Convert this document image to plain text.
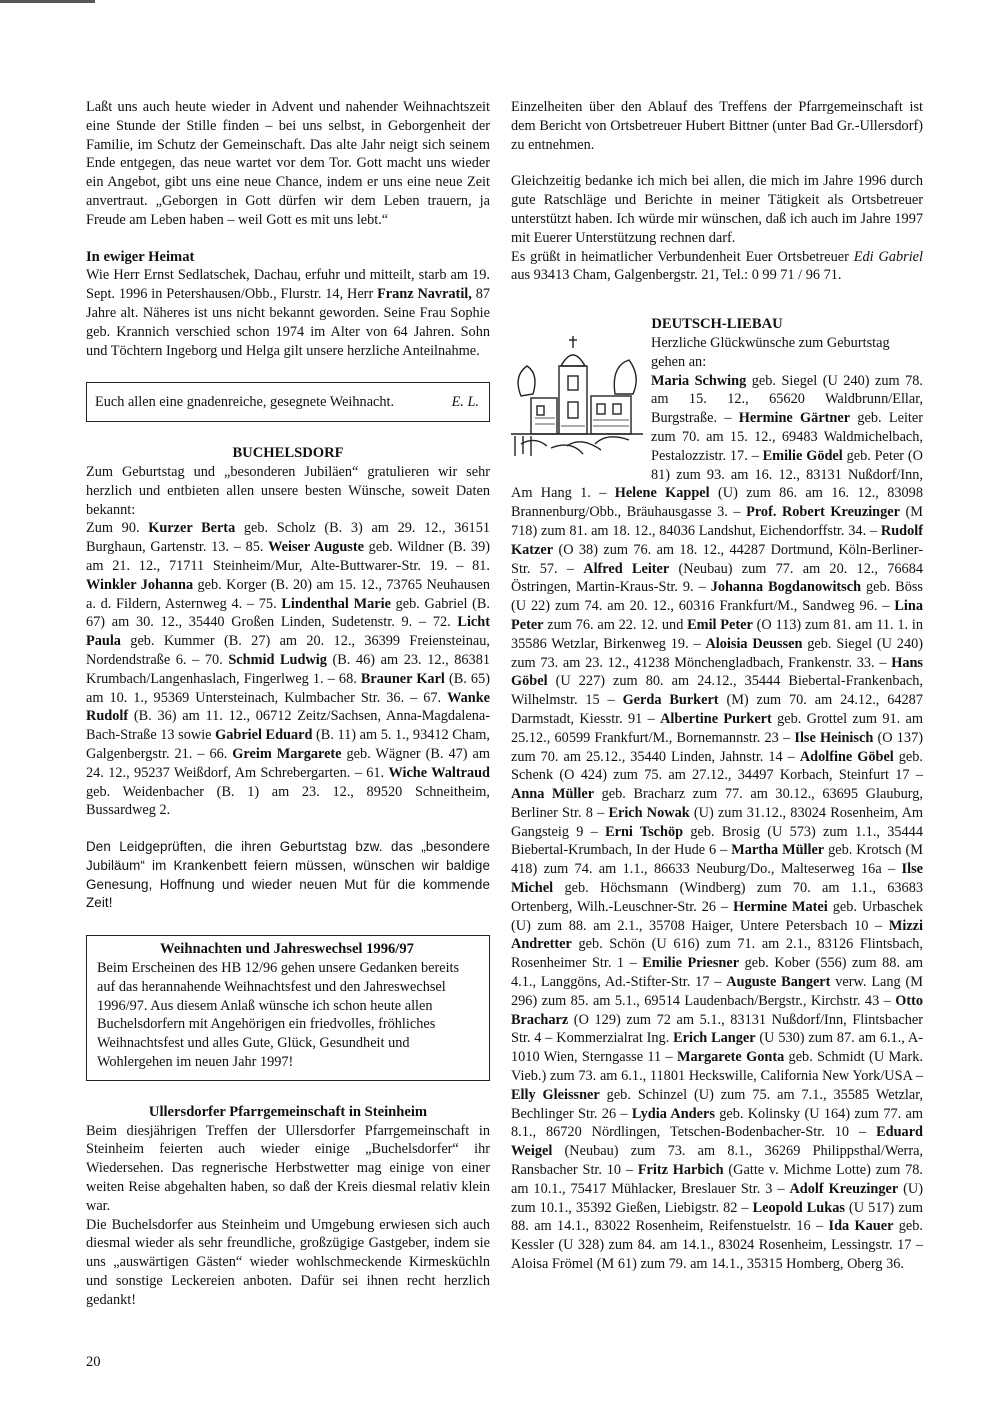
Laßt uns auch heute wieder in Advent und nahender Weihnachtszeit eine Stunde der Stille finden – bei uns selbst, in Geborgenheit der Familie, im Schutz der Gemeinschaft. Das alte Jahr neigt sich seinem Ende entgegen, das neue wartet vor dem Tor. Gott macht uns wieder ein Angebot, gibt uns eine neue Chance, indem er uns eine neue Zeit anvertraut. „Geborgen in Gott dürfen wir dem Leben trauern, ja Freude am Leben haben – weil Gott es mit uns lebt.“

In ewiger Heimat

Wie Herr Ernst Sedlatschek, Dachau, erfuhr und mitteilt, starb am 19. Sept. 1996 in Petershausen/Obb., Flurstr. 14, Herr Franz Navratil, 87 Jahre alt. Näheres ist uns nicht bekannt geworden. Seine Frau Sophie geb. Krannich verschied schon 1974 im Alter von 64 Jahren. Sohn und Töchtern Ingeborg und Helga gilt unsere herzliche Anteilnahme.

Euch allen eine gnadenreiche, gesegnete Weihnacht.	E. L.
BUCHELSDORF

Zum Geburtstag und „besonderen Jubiläen“ gratulieren wir sehr herzlich und entbieten allen unsere besten Wünsche, soweit Daten bekannt:

Zum 90. Kurzer Berta geb. Scholz (B. 3) am 29. 12., 36151 Burghaun, Gartenstr. 13. – 85. Weiser Auguste geb. Wildner (B. 39) am 21. 12., 71711 Steinheim/Mur, Alte-Buttwarer-Str. 19. – 81. Winkler Johanna geb. Korger (B. 20) am 15. 12., 73765 Neuhausen a. d. Fildern, Asternweg 4. – 75. Lindenthal Marie geb. Gabriel (B. 67) am 30. 12., 35440 Großen Linden, Sudetenstr. 9. – 72. Licht Paula geb. Kummer (B. 27) am 20. 12., 36399 Freiensteinau, Nordendstraße 6. – 70. Schmid Ludwig (B. 46) am 23. 12., 86381 Krumbach/Langenhaslach, Fingerlweg 1. – 68. Brauner Karl (B. 65) am 10. 1., 95369 Untersteinach, Kulmbacher Str. 36. – 67. Wanke Rudolf (B. 36) am 11. 12., 06712 Zeitz/Sachsen, Anna-Magdalena-Bach-Straße 13 sowie Gabriel Eduard (B. 11) am 5. 1., 93412 Cham, Galgenbergstr. 21. – 66. Greim Margarete geb. Wägner (B. 47) am 24. 12., 95237 Weißdorf, Am Schrebergarten. – 61. Wiche Waltraud geb. Weidenbacher (B. 1) am 23. 12., 89520 Schneitheim, Bussardweg 2.

Den Leidgeprüften, die ihren Geburtstag bzw. das „besondere Jubiläum“ im Krankenbett feiern müssen, wünschen wir baldige Genesung, Hoffnung und wieder neuen Mut für die kommende Zeit!

Weihnachten und Jahreswechsel 1996/97

Beim Erscheinen des HB 12/96 gehen unsere Gedanken bereits auf das herannahende Weihnachtsfest und den Jahreswechsel 1996/97. Aus diesem Anlaß wünsche ich schon heute allen Buchelsdorfern mit Angehörigen ein friedvolles, fröhliches Weihnachtsfest und alles Gute, Glück, Gesundheit und Wohlergehen im neuen Jahr 1997!

Ullersdorfer Pfarrgemeinschaft in Steinheim

Beim diesjährigen Treffen der Ullersdorfer Pfarrgemeinschaft in Steinheim feierten auch wieder einige „Buchelsdorfer“ ihr Wiedersehen. Das regnerische Herbstwetter mag einige von einer weiten Reise abgehalten haben, so daß der Kreis diesmal relativ klein war.

Die Buchelsdorfer aus Steinheim und Umgebung erwiesen sich auch diesmal wieder als sehr freundliche, großzügige Gastgeber, indem sie uns „auswärtigen Gästen“ wieder wohlschmeckende Kirmesküchln und sonstige Leckereien anboten. Dafür sei ihnen recht herzlich gedankt!

Einzelheiten über den Ablauf des Treffens der Pfarrgemeinschaft ist dem Bericht von Ortsbetreuer Hubert Bittner (unter Bad Gr.-Ullersdorf) zu entnehmen.

Gleichzeitig bedanke ich mich bei allen, die mich im Jahre 1996 durch gute Ratschläge und Berichte in meiner Tätigkeit als Ortsbetreuer unterstützt haben. Ich würde mir wünschen, daß ich auch im Jahre 1997 mit Euerer Unterstützung rechnen darf.

Es grüßt in heimatlicher Verbundenheit Euer Ortsbetreuer Edi Gabriel aus 93413 Cham, Galgenbergstr. 21, Tel.: 0 99 71 / 96 71.

DEUTSCH-LIEBAU

Herzliche Glückwünsche zum Geburtstag gehen an:

Maria Schwing geb. Siegel (U 240) zum 78. am 15. 12., 65620 Waldbrunn/Ellar, Burgstraße. – Hermine Gärtner geb. Leiter zum 70. am 15. 12., 69483 Waldmichelbach, Pestalozzistr. 17. – Emilie Gödel geb. Peter (O 81) zum 93. am 16. 12., 83131 Nußdorf/Inn, Am Hang 1. – Helene Kappel (U) zum 86. am 16. 12., 83098 Brannenburg/Obb., Bräuhausgasse 3. – Prof. Robert Kreuzinger (M 718) zum 81. am 18. 12., 84036 Landshut, Eichendorffstr. 34. – Rudolf Katzer (O 38) zum 76. am 18. 12., 44287 Dortmund, Köln-Berliner-Str. 57. – Alfred Leiter (Neubau) zum 77. am 20. 12., 76684 Östringen, Martin-Kraus-Str. 9. – Johanna Bogdanowitsch geb. Böss (U 22) zum 74. am 20. 12., 60316 Frankfurt/M., Sandweg 96. – Lina Peter zum 76. am 22. 12. und Emil Peter (O 113) zum 81. am 11. 1. in 35586 Wetzlar, Birkenweg 19. – Aloisia Deussen geb. Siegel (U 240) zum 73. am 23. 12., 41238 Mönchengladbach, Frankenstr. 33. – Hans Göbel (U 227) zum 80. am 24.12., 35444 Biebertal-Frankenbach, Wilhelmstr. 15 – Gerda Burkert (M) zum 70. am 24.12., 64287 Darmstadt, Kiesstr. 91 – Albertine Purkert geb. Grottel zum 91. am 25.12., 60599 Frankfurt/M., Bornemannstr. 23 – Ilse Heinisch (O 137) zum 70. am 25.12., 35440 Linden, Jahnstr. 14 – Adolfine Göbel geb. Schenk (O 424) zum 75. am 27.12., 34497 Korbach, Steinfurt 17 – Anna Müller geb. Bracharz zum 77. am 30.12., 63695 Glauburg, Berliner Str. 8 – Erich Nowak (U) zum 31.12., 83024 Rosenheim, Am Gangsteig 9 – Erni Tschöp geb. Brosig (U 573) zum 1.1., 35444 Biebertal-Krumbach, In der Hude 6 – Martha Müller geb. Krotsch (M 418) zum 74. am 1.1., 86633 Neuburg/Do., Malteserweg 16a – Ilse Michel geb. Höchsmann (Windberg) zum 70. am 1.1., 63683 Ortenberg, Wilh.-Leuschner-Str. 26 – Hermine Matei geb. Urbaschek (U) zum 88. am 2.1., 35708 Haiger, Untere Petersbach 10 – Mizzi Andretter geb. Schön (U 616) zum 71. am 2.1., 83126 Flintsbach, Rosenheimer Str. 1 – Emilie Priesner geb. Kober (556) zum 88. am 4.1., Langgöns, Ad.-Stifter-Str. 17 – Auguste Bangert verw. Lang (M 296) zum 85. am 5.1., 69514 Laudenbach/Bergstr., Kirchstr. 43 – Otto Bracharz (O 129) zum 72 am 5.1., 83131 Nußdorf/Inn, Flintsbacher Str. 4 – Kommerzialrat Ing. Erich Langer (U 530) zum 87. am 6.1., A-1010 Wien, Sterngasse 11 – Margarete Gonta geb. Schmidt (U Mark. Vieb.) zum 73. am 6.1., 11801 Heckswille, California New York/USA – Elly Gleissner geb. Schinzel (U) zum 75. am 7.1., 35585 Wetzlar, Bechlinger Str. 26 – Lydia Anders geb. Kolinsky (U 164) zum 77. am 8.1., 86720 Nördlingen, Tetschen-Bodenbacher-Str. 10 – Eduard Weigel (Neubau) zum 73. am 8.1., 36269 Philippsthal/Werra, Ransbacher Str. 10 – Fritz Harbich (Gatte v. Michme Lotte) zum 78. am 10.1., 75417 Mühlacker, Breslauer Str. 3 – Adolf Kreuzinger (U) zum 10.1., 35392 Gießen, Liebigstr. 82 – Leopold Lukas (U 517) zum 88. am 14.1., 83022 Rosenheim, Reifenstuelstr. 16 – Ida Kauer geb. Kessler (U 328) zum 84. am 14.1., 83024 Rosenheim, Lessingstr. 17 – Aloisa Frömel (M 61) zum 79. am 14.1., 35315 Homberg, Oberg 36.

20
